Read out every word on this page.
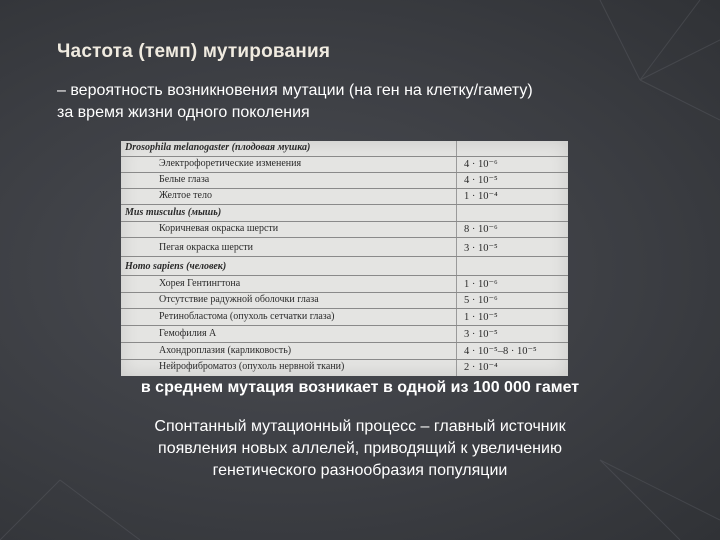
Частота (темп) мутирования
– вероятность возникновения мутации (на ген на клетку/гамету)
за время жизни одного поколения
Drosophila melanogaster (плодовая мушка)
Электрофоретические изменения	4 · 10⁻⁶
Белые глаза	4 · 10⁻⁵
Желтое тело	1 · 10⁻⁴
Mus musculus (мышь)
Коричневая окраска шерсти	8 · 10⁻⁶
Пегая окраска шерсти	3 · 10⁻⁵
Homo sapiens (человек)
Хорея Гентингтона	1 · 10⁻⁶
Отсутствие радужной оболочки глаза	5 · 10⁻⁶
Ретинобластома (опухоль сетчатки глаза)	1 · 10⁻⁵
Гемофилия А	3 · 10⁻⁵
Ахондроплазия (карликовость)	4 · 10⁻⁵–8 · 10⁻⁵
Нейрофиброматоз (опухоль нервной ткани)	2 · 10⁻⁴
в среднем мутация возникает в одной из 100 000 гамет
Спонтанный мутационный процесс – главный источник
появления новых аллелей, приводящий к увеличению
генетического разнообразия популяции
